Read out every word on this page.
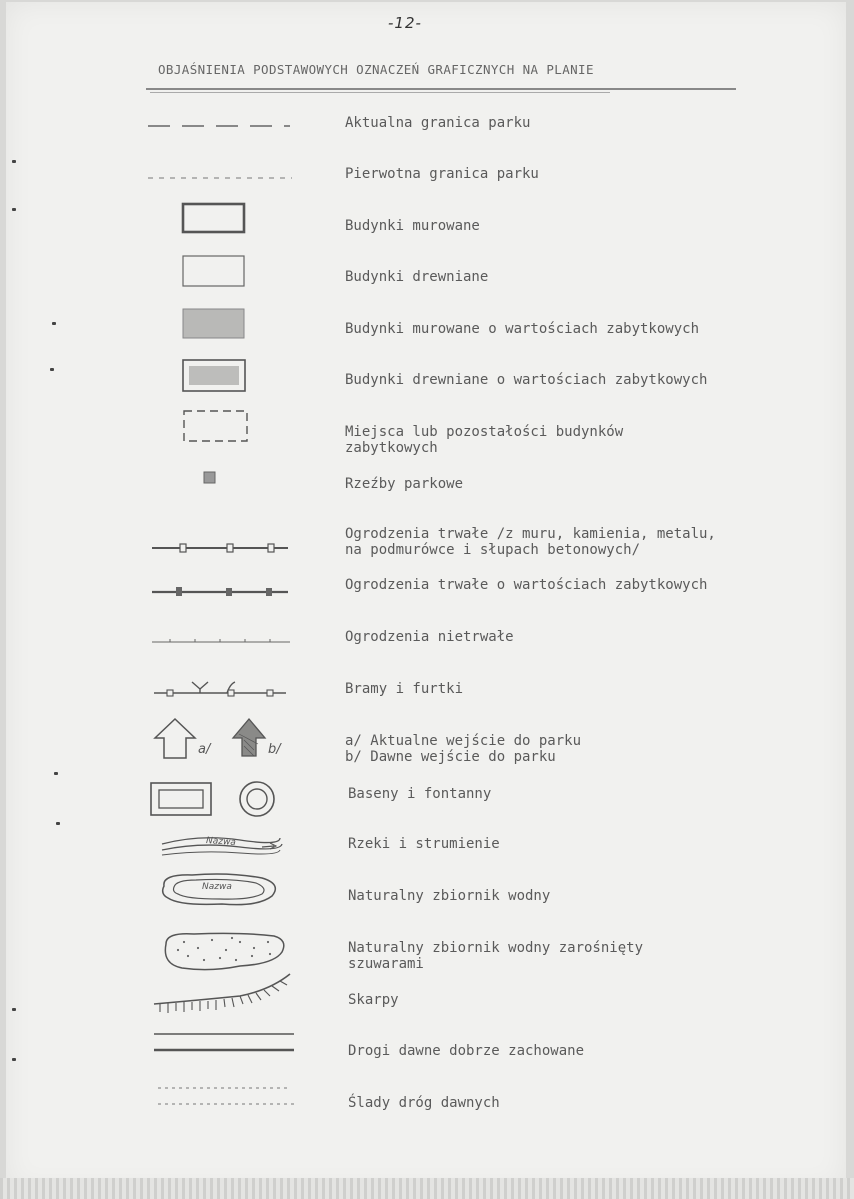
-12-
OBJAŚNIENIA PODSTAWOWYCH OZNACZEŃ GRAFICZNYCH NA PLANIE
Aktualna granica parku
Pierwotna granica parku
Budynki murowane
Budynki drewniane
Budynki murowane o wartościach zabytkowych
Budynki drewniane o wartościach zabytkowych
Miejsca lub pozostałości budynków
zabytkowych
Rzeźby parkowe
Ogrodzenia trwałe /z muru, kamienia, metalu,
na podmurówce i słupach betonowych/
Ogrodzenia trwałe o wartościach zabytkowych
Ogrodzenia nietrwałe
Bramy i furtki
a/	b/
a/ Aktualne wejście do parku
b/ Dawne wejście do parku
Baseny i fontanny
Nazwa	Rzeki i strumienie
Nazwa
Naturalny zbiornik wodny
Naturalny zbiornik wodny zarośnięty
szuwarami
Skarpy
Drogi dawne dobrze zachowane
Ślady dróg dawnych
